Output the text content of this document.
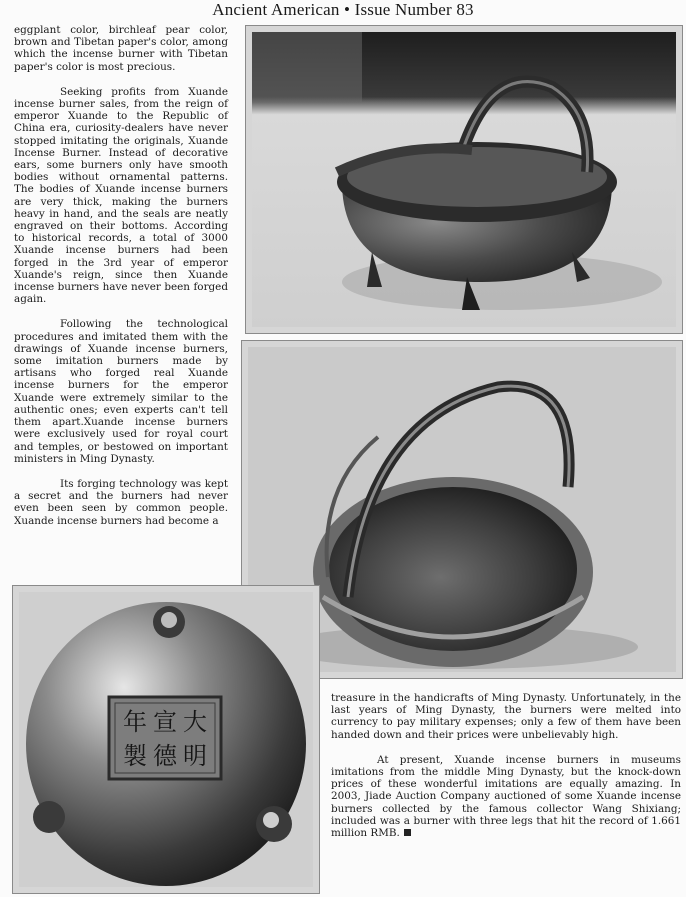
Ancient American • Issue Number 83

eggplant color, birchleaf pear color, brown and Tibetan paper's color, among which the incense burner with Tibetan paper's color is most precious.

Seeking profits from Xuande incense burner sales, from the reign of emperor Xuande to the Republic of China era, curiosity-dealers have never stopped imitating the originals, Xuande Incense Burner. Instead of decorative ears, some burners only have smooth bodies without ornamental patterns. The bodies of Xuande incense burners are very thick, making the burners heavy in hand, and the seals are neatly engraved on their bottoms. According to historical records, a total of 3000 Xuande incense burners had been forged in the 3rd year of emperor Xuande's reign, since then Xuande incense burners have never been forged again.

Following the technological procedures and imitated them with the drawings of Xuande incense burners, some imitation burners made by artisans who forged real Xuande incense burners for the emperor Xuande were extremely similar to the authentic ones; even experts can't tell them apart.Xuande incense burners were exclusively used for royal court and temples, or bestowed on important ministers in Ming Dynasty.

Its forging technology was kept a secret and the burners had never even been seen by common people. Xuande incense burners had become a

大
明
宣
德
年
製

treasure in the handicrafts of Ming Dynasty. Unfortunately, in the last years of Ming Dynasty, the burners were melted into currency to pay military expenses; only a few of them have been handed down and their prices were unbelievably high.

At present, Xuande incense burners in museums imitations from the middle Ming Dynasty, but the knock-down prices of these wonderful imitations are equally amazing. In 2003, Jiade Auction Company auctioned of some Xuande incense burners collected by the famous collector Wang Shixiang; included was a burner with three legs that hit the record of 1.661 million RMB.
